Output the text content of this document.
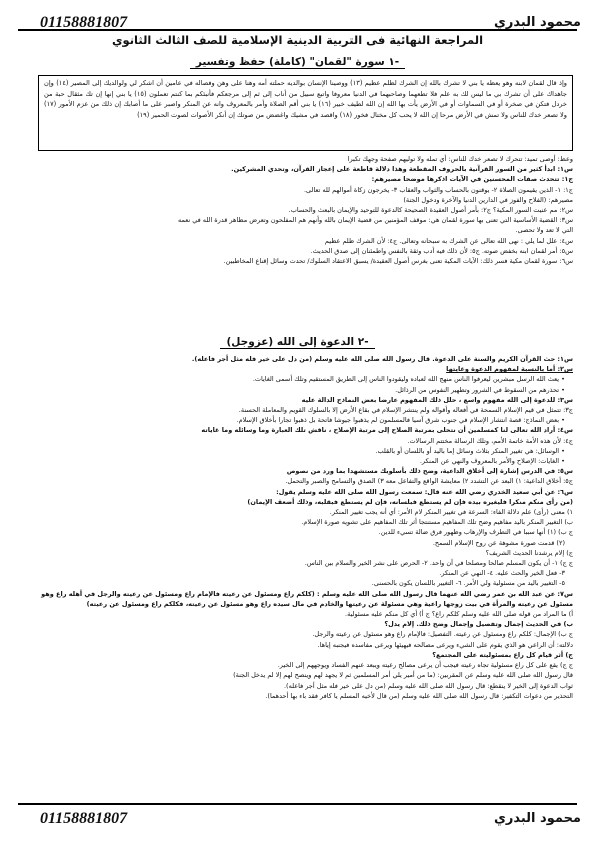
01158881807	محمود البدري
المراجعة النهائية فى التربية الدينية الإسلامية للصف الثالث الثانوي
-١ سورة "لقمان" (كاملة) حفظ وتفسير
وإذ قال لقمان لابنه وهو يعظه يا بني لا تشرك بالله إن الشرك لظلم عظيم (١٣) ووصينا الإنسان بوالديه حملته أمه وهنا على وهن وفصاله في عامين أن اشكر لي ولوالديك إلى المصير (١٤) وإن جاهداك على أن تشرك بي ما ليس لك به علم فلا تطعهما وصاحبهما في الدنيا معروفا واتبع سبيل من أناب إلى ثم إلى مرجعكم فأنبئكم بما كنتم تعملون (١٥) يا بني إنها إن تك مثقال حبة من خردل فتكن في صخرة أو في السماوات أو في الأرض يأت بها الله إن الله لطيف خبير (١٦) يا بني أقم الصلاة وأمر بالمعروف وانه عن المنكر واصبر على ما أصابك إن ذلك من عزم الأمور (١٧) ولا تصعر خدك للناس ولا تمش في الأرض مرحا إن الله لا يحب كل مختال فخور (١٨) واقصد في مشيك واغضض من صوتك إن أنكر الأصوات لصوت الحمير (١٩)
وعظ: أوصى تميد: تتحرك لا تصعر خدك للناس: أي تمله ولا توليهم صفحة وجهك تكبرا
س١: ابدأ كثير من السور القرآنية بالحروف المقطعة وهذا دلالة قاطعة على إعجاز القرآن، وتحدي المشركين.
ج١: تتحدث صفات المحسنين في الآيات اذكرها موضحا مصيرهم:
ج١: ١- الذين يقيمون الصلاة ٢- يوقنون بالحساب والثواب والعقاب ٣- يخرجون زكاة أموالهم لله تعالى.
مصيرهم: (الفلاح والفوز في الدارين الدنيا والآخرة ودخول الجنة)
س٢: مم عنيت السور المكية؟ ج٢: بأمر أصول العقيدة الصحيحة كالدعوة للتوحيد والإيمان بالبعث والحساب.
س٣: القضية الأساسية التي تعنى بها سورة لقمان هي: موقف المؤمنين من قضية الإيمان بالله وأنهم هم المفلحون وتعرض مظاهر قدرة الله في نعمه
التي لا تعد ولا تحصى.
س٤: علل لما يلي : نهى الله تعالى عن الشرك به سبحانه وتعالى. ج٤: لأن الشرك ظلم عظيم
س٥: أمر لقمان ابنه بخفض صوته. ج٥: لأن ذلك فيه أدب وثقة بالنفس واطمئنان إلى صدق الحديث.
س٦: سورة لقمان مكية فسر ذلك: الآيات المكية تعنى بغرس أصول العقيدة/ يسبق الاعتقاد السلوك/ تحدت وسائل إقناع المخاطبين.
-٢ الدعوة إلى الله (عزوجل)
س١: حث القرآن الكريم والسنة على الدعوة. قال رسول الله صلى الله عليه وسلم (من دل على خير فله مثل أجر فاعله).
س٢: أما بالنسبة لمفهوم الدعوة وغايتها
• يعث الله الرسل مبشرين ليعرفوا الناس منهج الله لعباده وليقودوا الناس إلى الطريق المستقيم وتلك أسمى الغايات.
• تحذرهم من السقوط في الشرور وتطهير النفوس من الرذائل.
س٣: للدعوة إلى الله مفهوم واسع ، حلل ذلك المفهوم عارضا بعض النماذج الدالة عليه
ج٣: تتمثل في قيم الإسلام السمحة في أفعاله وأقواله ولم ينتشر الإسلام في بقاع الأرض إلا بالسلوك القويم والمعاملة الحسنة.
• بعض النماذج: قصة انتشار الإسلام في جنوب شرق آسيا فالمسلمون لم يذهبوا جيوشا فاتحة بل ذهبوا تجارا بأخلاق الإسلام.
س٤: أراد الله تعالى لنا كمسلمين أن نتحلى بمرتبة الصلاح إلى مرتبة الإصلاح ، ناقش تلك العبارة وما وسائله وما غاياته
ج٤: لأن هذه الأمة خاتمة الأمم، وتلك الرسالة مختتم الرسالات.
• الوسائل: هي تغيير المنكر بثلاث وسائل إما باليد أو باللسان أو بالقلب.
• الغايات: الإصلاح والأمر بالمعروف والنهي عن المنكر.
س٥: في الدرس إشارة إلى أخلاق الداعية، وضح ذلك بأسلوبك مستشهدا بما ورد من نصوص
ج٥: أخلاق الداعية: ١) البعد عن التشدد ٢) معايشة الواقع والتفاعل معه ٣) الصدق والتسامح والصبر والتحمل.
س٦: عن أبي سعيد الخدري رضي الله عنه قال: سمعت رسول الله صلى الله عليه وسلم يقول:
(من رأى منكم منكرا فليغيره بيده فإن لم يستطع فبلسانه، فإن لم يستطع فبقلبه، وذلك أضعف الإيمان)
١) معنى (رأى) علم دلالة الفاء: السرعة في تغيير المنكر لام الأمر: أي أنه يجب تغيير المنكر.
ب) التغيير المنكر باليد مفاهيم وضح تلك المفاهيم مستنتجا أثر تلك المفاهيم على تشويه صورة الإسلام.
ج ب) (١) أنها سببا في التطرف والإرهاب وظهور فرق ضالة تسيء للدين.
(٢) قدمت صورة مشوهة عن روح الإسلام السمح.
ج) إلام يرشدنا الحديث الشريف؟
ج ج) ١- أن يكون المسلم صالحا ومصلحا في آن واحد. ٢- الحرص على نشر الخير والسلام بين الناس.
٣- فعل الخير والحث عليه. ٤- النهي عن المنكر.
٥- التغيير باليد من مسئولية ولي الأمر. ٦- التغيير باللسان يكون بالحسنى.
س٧: عن عبد الله بن عمر رضي الله عنهما قال رسول الله صلى الله عليه وسلم : (كلكم راع ومسئول عن رعيته فالإمام راع ومسئول عن رعيته والرجل في أهله راع وهو
مسئول عن رعيته والمرأة في بيت زوجها راعية وهي مسئولة عن رعيتها والخادم في مال سيده راع وهو مسئول عن رعيته، فكلكم راع ومسئول عن رعيته)
أ) ما المراد من قوله صلى الله عليه وسلم كلكم راع؟ ج أ) أي كل منكم عليه مسئولية.
ب) في الحديث إجمال وتفصيل وإجمال وضح ذلك. إلام يدل؟
ج ب) الإجمال: كلكم راع ومسئول عن رعيته. التفصيل: فالإمام راع وهو مسئول عن رعيته والرجل.
دلالته: أن الراعي هو الذي يقوم على الشيء ويرعى مصالحه فيهيئها ويرعى مفاسده فيجنبه إياها.
ج) أثر قيام كل راع بمسئوليته على المجتمع؟
ج ج) يقع على كل راع مسئولية تجاه رعيته فيجب أن يرعى مصالح رعيته ويبعد عنهم الفساد ويوجههم إلى الخير.
قال رسول الله صلى الله عليه وسلم عن المقربين: (ما من أمير يلي أمر المسلمين ثم لا يجهد لهم وينصح لهم إلا لم يدخل الجنة)
ثواب الدعوة إلى الخير لا ينقطع: قال رسول الله صلى الله عليه وسلم (من دل على خير فله مثل أجر فاعله).
التحذير من دعوات التكفير: قال رسول الله صلى الله عليه وسلم (من قال لأخيه المسلم يا كافر فقد باء بها أحدهما).
01158881807	محمود البدري
